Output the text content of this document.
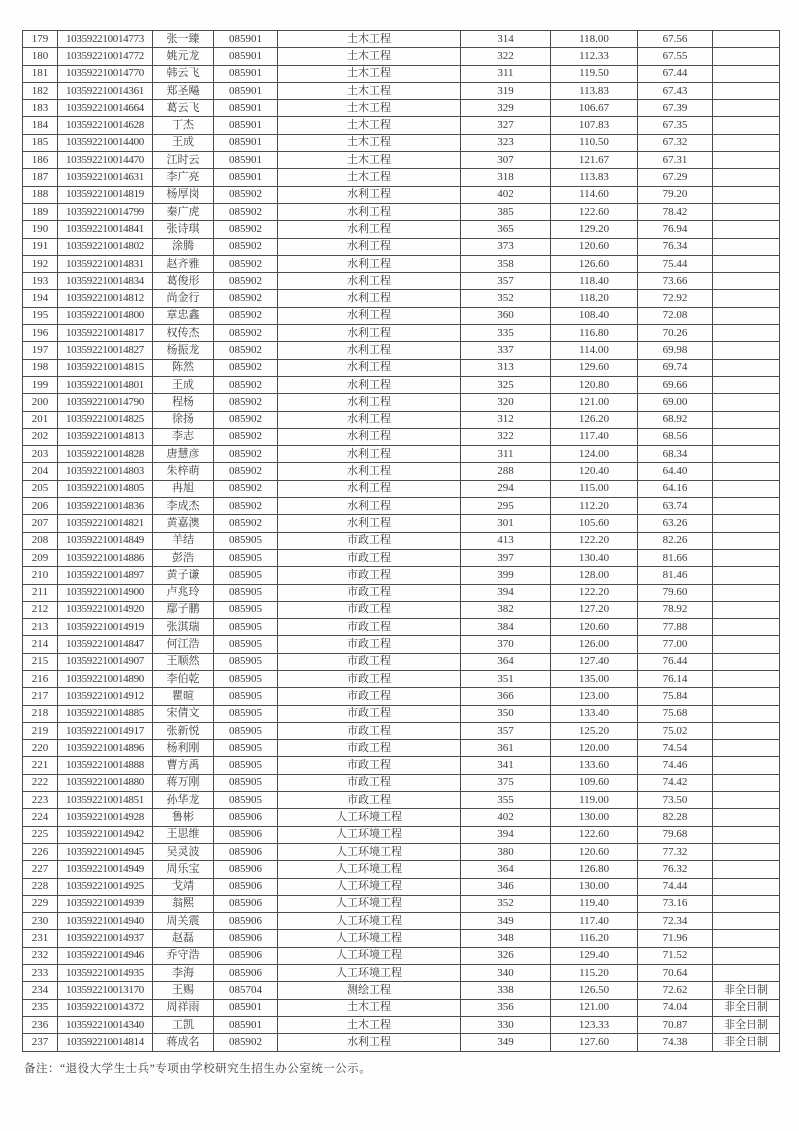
179	103592210014773	张一臻	085901	土木工程	314	118.00	67.56	
180	103592210014772	姚元龙	085901	土木工程	322	112.33	67.55	
181	103592210014770	韩云飞	085901	土木工程	311	119.50	67.44	
182	103592210014361	郑圣飚	085901	土木工程	319	113.83	67.43	
183	103592210014664	葛云飞	085901	土木工程	329	106.67	67.39	
184	103592210014628	丁杰	085901	土木工程	327	107.83	67.35	
185	103592210014400	王成	085901	土木工程	323	110.50	67.32	
186	103592210014470	江时云	085901	土木工程	307	121.67	67.31	
187	103592210014631	李广亮	085901	土木工程	318	113.83	67.29	
188	103592210014819	杨厚岗	085902	水利工程	402	114.60	79.20	
189	103592210014799	秦广虎	085902	水利工程	385	122.60	78.42	
190	103592210014841	张诗琪	085902	水利工程	365	129.20	76.94	
191	103592210014802	涂腾	085902	水利工程	373	120.60	76.34	
192	103592210014831	赵齐雅	085902	水利工程	358	126.60	75.44	
193	103592210014834	葛俊形	085902	水利工程	357	118.40	73.66	
194	103592210014812	尚金行	085902	水利工程	352	118.20	72.92	
195	103592210014800	章忠鑫	085902	水利工程	360	108.40	72.08	
196	103592210014817	权传杰	085902	水利工程	335	116.80	70.26	
197	103592210014827	杨振龙	085902	水利工程	337	114.00	69.98	
198	103592210014815	陈然	085902	水利工程	313	129.60	69.74	
199	103592210014801	王成	085902	水利工程	325	120.80	69.66	
200	103592210014790	程杨	085902	水利工程	320	121.00	69.00	
201	103592210014825	徐扬	085902	水利工程	312	126.20	68.92	
202	103592210014813	李志	085902	水利工程	322	117.40	68.56	
203	103592210014828	唐慧彦	085902	水利工程	311	124.00	68.34	
204	103592210014803	朱梓萌	085902	水利工程	288	120.40	64.40	
205	103592210014805	冉旭	085902	水利工程	294	115.00	64.16	
206	103592210014836	李成杰	085902	水利工程	295	112.20	63.74	
207	103592210014821	黄嘉澳	085902	水利工程	301	105.60	63.26	
208	103592210014849	羊结	085905	市政工程	413	122.20	82.26	
209	103592210014886	彭浩	085905	市政工程	397	130.40	81.66	
210	103592210014897	黄子谦	085905	市政工程	399	128.00	81.46	
211	103592210014900	卢兆玲	085905	市政工程	394	122.20	79.60	
212	103592210014920	鄢子鹏	085905	市政工程	382	127.20	78.92	
213	103592210014919	张淇瑞	085905	市政工程	384	120.60	77.88	
214	103592210014847	何江浩	085905	市政工程	370	126.00	77.00	
215	103592210014907	王顺然	085905	市政工程	364	127.40	76.44	
216	103592210014890	李伯乾	085905	市政工程	351	135.00	76.14	
217	103592210014912	瞿暄	085905	市政工程	366	123.00	75.84	
218	103592210014885	宋倩文	085905	市政工程	350	133.40	75.68	
219	103592210014917	张新悦	085905	市政工程	357	125.20	75.02	
220	103592210014896	杨利刚	085905	市政工程	361	120.00	74.54	
221	103592210014888	曹方禹	085905	市政工程	341	133.60	74.46	
222	103592210014880	蒋万刚	085905	市政工程	375	109.60	74.42	
223	103592210014851	孙华龙	085905	市政工程	355	119.00	73.50	
224	103592210014928	鲁彬	085906	人工环境工程	402	130.00	82.28	
225	103592210014942	王思维	085906	人工环境工程	394	122.60	79.68	
226	103592210014945	吴灵波	085906	人工环境工程	380	120.60	77.32	
227	103592210014949	周乐宝	085906	人工环境工程	364	126.80	76.32	
228	103592210014925	戈靖	085906	人工环境工程	346	130.00	74.44	
229	103592210014939	翁熙	085906	人工环境工程	352	119.40	73.16	
230	103592210014940	周关震	085906	人工环境工程	349	117.40	72.34	
231	103592210014937	赵磊	085906	人工环境工程	348	116.20	71.96	
232	103592210014946	乔守浩	085906	人工环境工程	326	129.40	71.52	
233	103592210014935	李海	085906	人工环境工程	340	115.20	70.64	
234	103592210013170	王赐	085704	测绘工程	338	126.50	72.62	非全日制
235	103592210014372	周祥雨	085901	土木工程	356	121.00	74.04	非全日制
236	103592210014340	工凯	085901	土木工程	330	123.33	70.87	非全日制
237	103592210014814	蒋成名	085902	水利工程	349	127.60	74.38	非全日制
备注：“退役大学生士兵”专项由学校研究生招生办公室统一公示。
